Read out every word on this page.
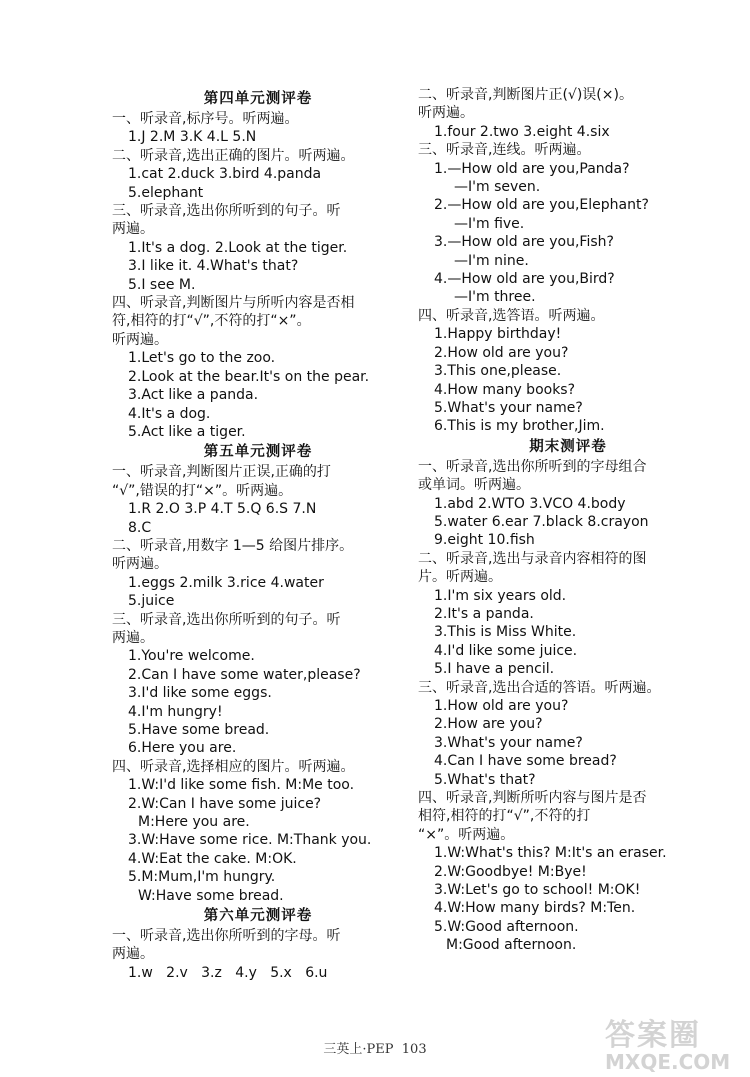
第四单元测评卷

一、听录音,标序号。听两遍。

1.J 2.M 3.K 4.L 5.N

二、听录音,选出正确的图片。听两遍。

1.cat 2.duck 3.bird 4.panda

5.elephant

三、听录音,选出你所听到的句子。听

两遍。

1.It's a dog. 2.Look at the tiger.

3.I like it. 4.What's that?

5.I see M.

四、听录音,判断图片与所听内容是否相

符,相符的打“√”,不符的打“×”。

听两遍。

1.Let's go to the zoo.

2.Look at the bear.It's on the pear.

3.Act like a panda.

4.It's a dog.

5.Act like a tiger.

第五单元测评卷

一、听录音,判断图片正误,正确的打

“√”,错误的打“×”。听两遍。

1.R 2.O 3.P 4.T 5.Q 6.S 7.N

8.C

二、听录音,用数字 1—5 给图片排序。

听两遍。

1.eggs 2.milk 3.rice 4.water

5.juice

三、听录音,选出你所听到的句子。听

两遍。

1.You're welcome.

2.Can I have some water,please?

3.I'd like some eggs.

4.I'm hungry!

5.Have some bread.

6.Here you are.

四、听录音,选择相应的图片。听两遍。

1.W:I'd like some fish. M:Me too.

2.W:Can I have some juice?

M:Here you are.

3.W:Have some rice. M:Thank you.

4.W:Eat the cake. M:OK.

5.M:Mum,I'm hungry.

W:Have some bread.

第六单元测评卷

一、听录音,选出你所听到的字母。听

两遍。

1.w   2.v   3.z   4.y   5.x   6.u

二、听录音,判断图片正(√)误(×)。

听两遍。

1.four 2.two 3.eight 4.six

三、听录音,连线。听两遍。

1.—How old are you,Panda?

—I'm seven.

2.—How old are you,Elephant?

—I'm five.

3.—How old are you,Fish?

—I'm nine.

4.—How old are you,Bird?

—I'm three.

四、听录音,选答语。听两遍。

1.Happy birthday!

2.How old are you?

3.This one,please.

4.How many books?

5.What's your name?

6.This is my brother,Jim.

期末测评卷

一、听录音,选出你所听到的字母组合

或单词。听两遍。

1.abd 2.WTO 3.VCO 4.body

5.water 6.ear 7.black 8.crayon

9.eight 10.fish

二、听录音,选出与录音内容相符的图

片。听两遍。

1.I'm six years old.

2.It's a panda.

3.This is Miss White.

4.I'd like some juice.

5.I have a pencil.

三、听录音,选出合适的答语。听两遍。

1.How old are you?

2.How are you?

3.What's your name?

4.Can I have some bread?

5.What's that?

四、听录音,判断所听内容与图片是否

相符,相符的打“√”,不符的打

“×”。听两遍。

1.W:What's this? M:It's an eraser.

2.W:Goodbye! M:Bye!

3.W:Let's go to school! M:OK!

4.W:How many birds? M:Ten.

5.W:Good afternoon.

M:Good afternoon.

三英上·PEP  103	答案圈
MXQE.COM
